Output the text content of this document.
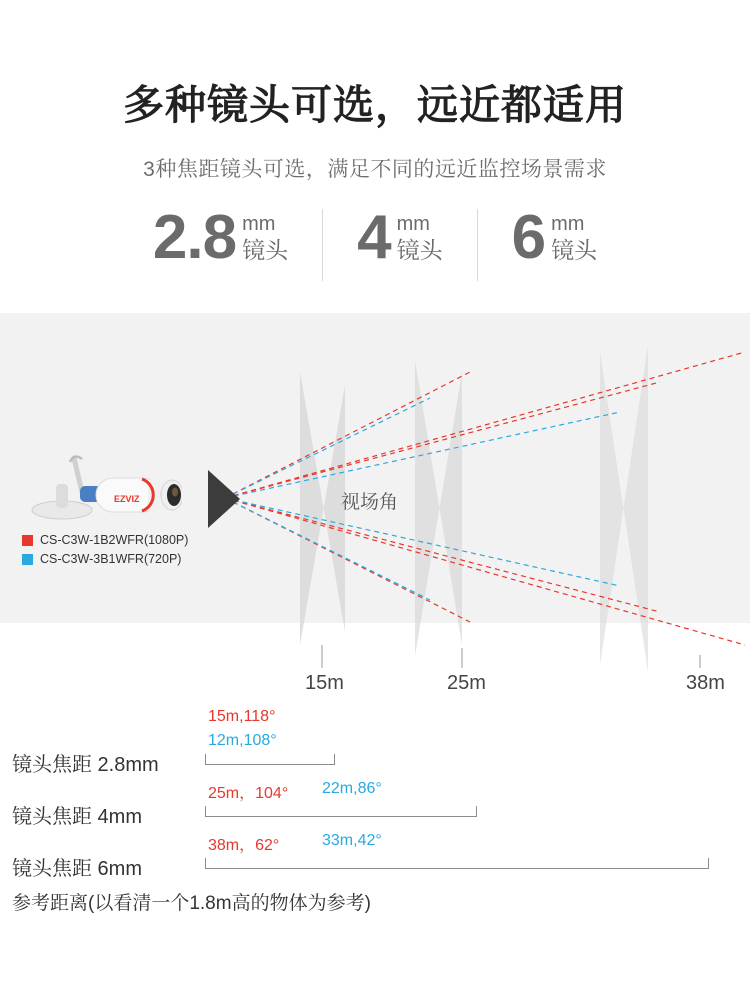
多种镜头可选，远近都适用
3种焦距镜头可选，满足不同的远近监控场景需求
2.8 mm
镜头 4 mm
镜头 6 mm
镜头
EZVIZ
CS-C3W-1B2WFR(1080P)
CS-C3W-3B1WFR(720P)
视场角
15m	25m	38m
15m,118°
12m,108°
镜头焦距 2.8mm
25m，104° 22m,86°
镜头焦距 4mm
38m，62°	33m,42°
镜头焦距 6mm
参考距离(以看清一个1.8m高的物体为参考)
